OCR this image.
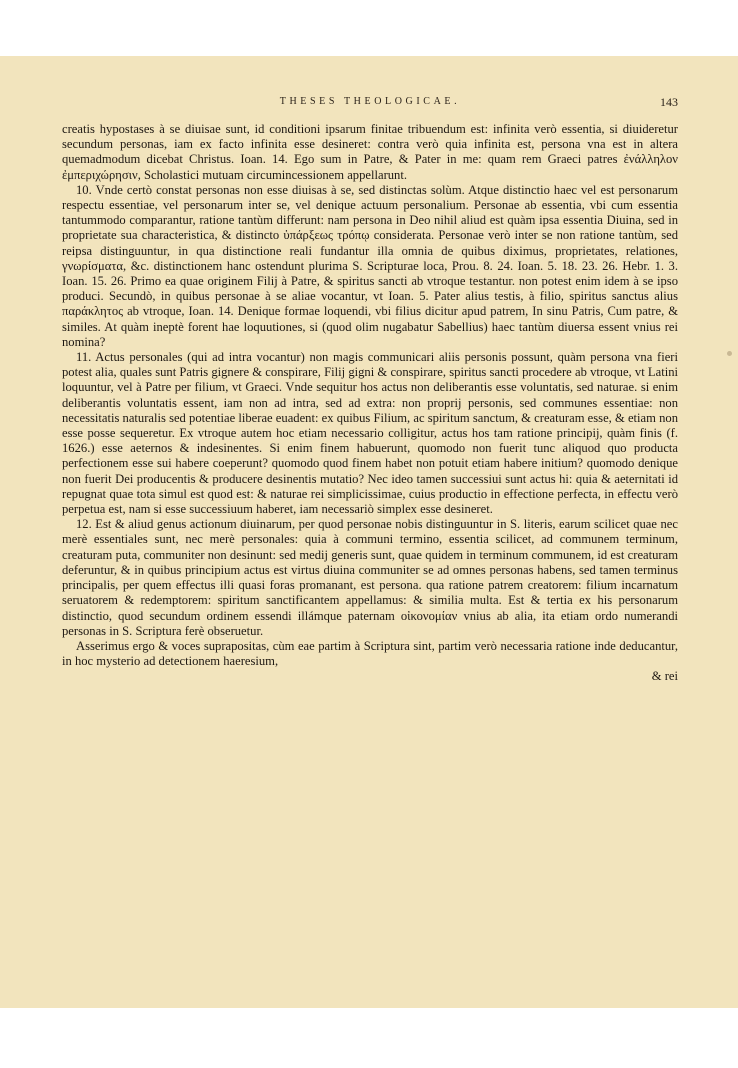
THESES THEOLOGICAE.	143

creatis hypostases à se diuisae sunt, id conditioni ipsarum finitae tribuendum est: infinita verò essentia, si diuideretur secundum personas, iam ex facto infinita esse desineret: contra verò quia infinita est, persona vna est in altera quemadmodum dicebat Christus. Ioan. 14. Ego sum in Patre, & Pater in me: quam rem Graeci patres ἐνάλληλον ἐμπεριχώρησιν, Scholastici mutuam circumincessionem appellarunt.

10. Vnde certò constat personas non esse diuisas à se, sed distinctas solùm. Atque distinctio haec vel est personarum respectu essentiae, vel personarum inter se, vel denique actuum personalium. Personae ab essentia, vbi cum essentia tantummodo comparantur, ratione tantùm differunt: nam persona in Deo nihil aliud est quàm ipsa essentia Diuina, sed in proprietate sua characteristica, & distincto ὑπάρξεως τρόπῳ considerata. Personae verò inter se non ratione tantùm, sed reipsa distinguuntur, in qua distinctione reali fundantur illa omnia de quibus diximus, proprietates, relationes, γνωρίσματα, &c. distinctionem hanc ostendunt plurima S. Scripturae loca, Prou. 8. 24. Ioan. 5. 18. 23. 26. Hebr. 1. 3. Ioan. 15. 26. Primo ea quae originem Filij à Patre, & spiritus sancti ab vtroque testantur. non potest enim idem à se ipso produci. Secundò, in quibus personae à se aliae vocantur, vt Ioan. 5. Pater alius testis, à filio, spiritus sanctus alius παράκλητος ab vtroque, Ioan. 14. Denique formae loquendi, vbi filius dicitur apud patrem, In sinu Patris, Cum patre, & similes. At quàm ineptè forent hae loquutiones, si (quod olim nugabatur Sabellius) haec tantùm diuersa essent vnius rei nomina?

11. Actus personales (qui ad intra vocantur) non magis communicari aliis personis possunt, quàm persona vna fieri potest alia, quales sunt Patris gignere & conspirare, Filij gigni & conspirare, spiritus sancti procedere ab vtroque, vt Latini loquuntur, vel à Patre per filium, vt Graeci. Vnde sequitur hos actus non deliberantis esse voluntatis, sed naturae. si enim deliberantis voluntatis essent, iam non ad intra, sed ad extra: non proprij personis, sed communes essentiae: non necessitatis naturalis sed potentiae liberae euadent: ex quibus Filium, ac spiritum sanctum, & creaturam esse, & etiam non esse posse sequeretur. Ex vtroque autem hoc etiam necessario colligitur, actus hos tam ratione principij, quàm finis (f. 1626.) esse aeternos & indesinentes. Si enim finem habuerunt, quomodo non fuerit tunc aliquod quo producta perfectionem esse sui habere coeperunt? quomodo quod finem habet non potuit etiam habere initium? quomodo denique non fuerit Dei producentis & producere desinentis mutatio? Nec ideo tamen successiui sunt actus hi: quia & aeternitati id repugnat quae tota simul est quod est: & naturae rei simplicissimae, cuius productio in effectione perfecta, in effectu verò perpetua est, nam si esse successiuum haberet, iam necessariò simplex esse desineret.

12. Est & aliud genus actionum diuinarum, per quod personae nobis distinguuntur in S. literis, earum scilicet quae nec merè essentiales sunt, nec merè personales: quia à communi termino, essentia scilicet, ad communem terminum, creaturam puta, communiter non desinunt: sed medij generis sunt, quae quidem in terminum communem, id est creaturam deferuntur, & in quibus principium actus est virtus diuina communiter se ad omnes personas habens, sed tamen terminus principalis, per quem effectus illi quasi foras promanant, est persona. qua ratione patrem creatorem: filium incarnatum seruatorem & redemptorem: spiritum sanctificantem appellamus: & similia multa. Est & tertia ex his personarum distinctio, quod secundum ordinem essendi illámque paternam οἰκονομίαν vnius ab alia, ita etiam ordo numerandi personas in S. Scriptura ferè obseruetur.

Asserimus ergo & voces suprapositas, cùm eae partim à Scriptura sint, partim verò necessaria ratione inde deducantur, in hoc mysterio ad detectionem haeresium,

& rei
